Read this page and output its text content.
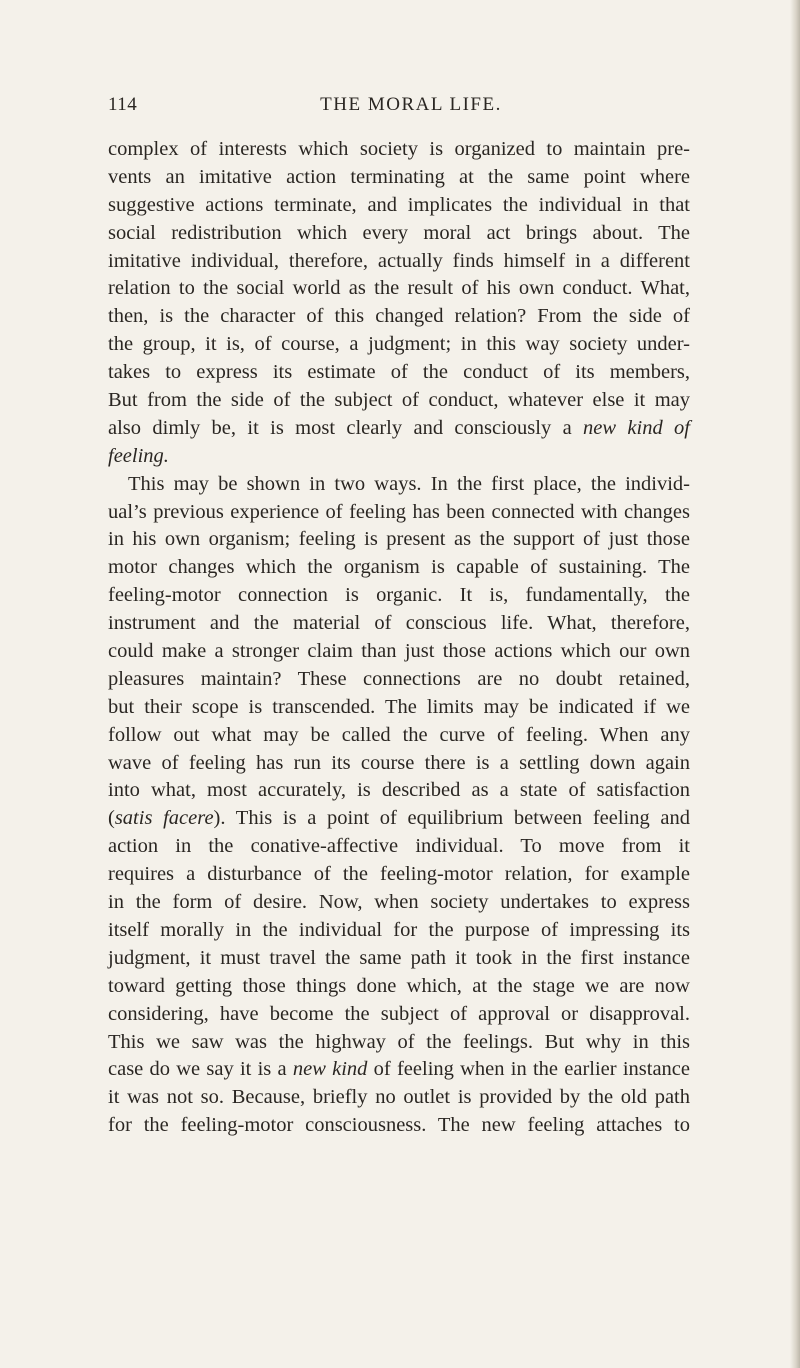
114	THE MORAL LIFE.
complex of interests which society is organized to maintain pre-
vents an imitative action terminating at the same point where
suggestive actions terminate, and implicates the individual in that
social redistribution which every moral act brings about. The
imitative individual, therefore, actually finds himself in a different
relation to the social world as the result of his own conduct. What,
then, is the character of this changed relation? From the side of
the group, it is, of course, a judgment; in this way society under-
takes to express its estimate of the conduct of its members,
But from the side of the subject of conduct, whatever else it may
also dimly be, it is most clearly and consciously a new kind of
feeling.
This may be shown in two ways. In the first place, the individ-
ual’s previous experience of feeling has been connected with changes
in his own organism; feeling is present as the support of just those
motor changes which the organism is capable of sustaining. The
feeling-motor connection is organic. It is, fundamentally, the
instrument and the material of conscious life. What, therefore,
could make a stronger claim than just those actions which our own
pleasures maintain? These connections are no doubt retained,
but their scope is transcended. The limits may be indicated if we
follow out what may be called the curve of feeling. When any
wave of feeling has run its course there is a settling down again
into what, most accurately, is described as a state of satisfaction
(satis facere). This is a point of equilibrium between feeling and
action in the conative-affective individual. To move from it
requires a disturbance of the feeling-motor relation, for example
in the form of desire. Now, when society undertakes to express
itself morally in the individual for the purpose of impressing its
judgment, it must travel the same path it took in the first instance
toward getting those things done which, at the stage we are now
considering, have become the subject of approval or disapproval.
This we saw was the highway of the feelings. But why in this
case do we say it is a new kind of feeling when in the earlier instance
it was not so. Because, briefly no outlet is provided by the old path
for the feeling-motor consciousness. The new feeling attaches to
